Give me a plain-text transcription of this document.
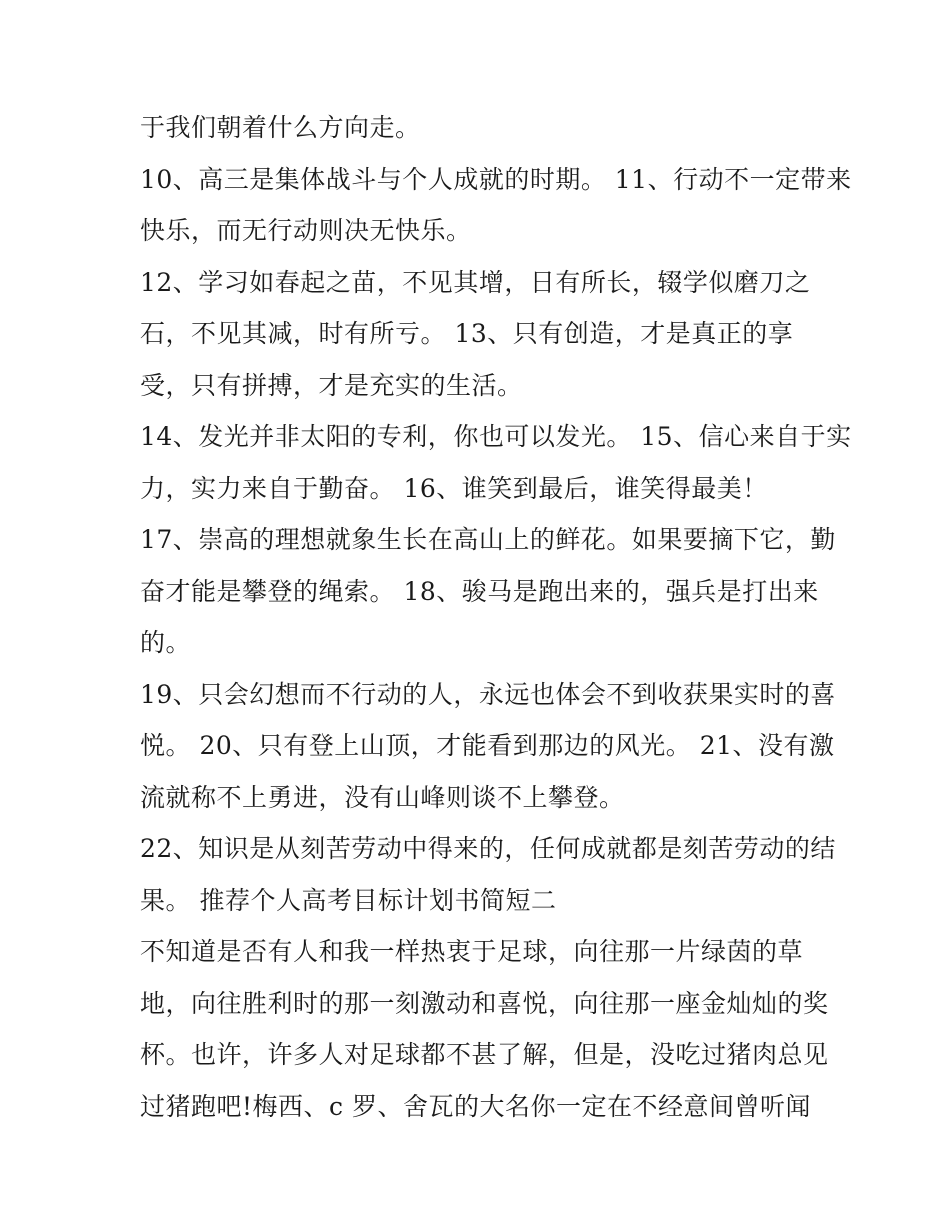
于我们朝着什么方向走。
10、高三是集体战斗与个人成就的时期。 11、行动不一定带来
快乐，而无行动则决无快乐。
12、学习如春起之苗，不见其增，日有所长，辍学似磨刀之
石，不见其减，时有所亏。 13、只有创造，才是真正的享
受，只有拼搏，才是充实的生活。
14、发光并非太阳的专利，你也可以发光。 15、信心来自于实
力，实力来自于勤奋。 16、谁笑到最后，谁笑得最美！
17、崇高的理想就象生长在高山上的鲜花。如果要摘下它，勤
奋才能是攀登的绳索。 18、骏马是跑出来的，强兵是打出来
的。
19、只会幻想而不行动的人，永远也体会不到收获果实时的喜
悦。 20、只有登上山顶，才能看到那边的风光。 21、没有激
流就称不上勇进，没有山峰则谈不上攀登。
22、知识是从刻苦劳动中得来的，任何成就都是刻苦劳动的结
果。 推荐个人高考目标计划书简短二
不知道是否有人和我一样热衷于足球，向往那一片绿茵的草
地，向往胜利时的那一刻激动和喜悦，向往那一座金灿灿的奖
杯。也许，许多人对足球都不甚了解，但是，没吃过猪肉总见
过猪跑吧!梅西、c 罗、舍瓦的大名你一定在不经意间曾听闻
